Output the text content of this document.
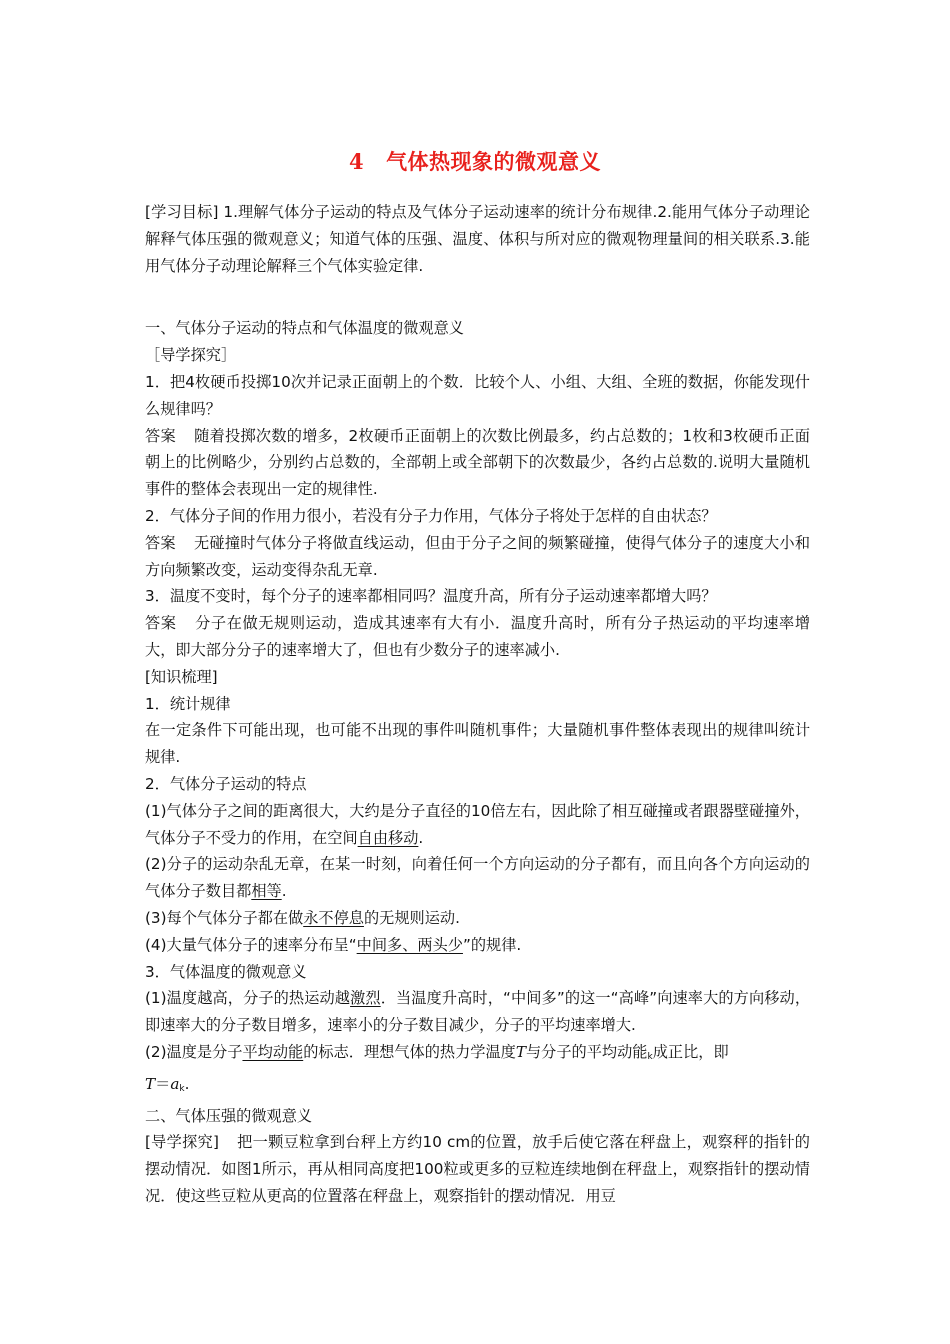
4 气体热现象的微观意义

[学习目标] 1.理解气体分子运动的特点及气体分子运动速率的统计分布规律.2.能用气体分子动理论解释气体压强的微观意义；知道气体的压强、温度、体积与所对应的微观物理量间的相关联系.3.能用气体分子动理论解释三个气体实验定律.

一、气体分子运动的特点和气体温度的微观意义

［导学探究］

1．把4枚硬币投掷10次并记录正面朝上的个数．比较个人、小组、大组、全班的数据，你能发现什么规律吗？

答案 随着投掷次数的增多，2枚硬币正面朝上的次数比例最多，约占总数的；1枚和3枚硬币正面朝上的比例略少，分别约占总数的，全部朝上或全部朝下的次数最少，各约占总数的.说明大量随机事件的整体会表现出一定的规律性.

2．气体分子间的作用力很小，若没有分子力作用，气体分子将处于怎样的自由状态？

答案 无碰撞时气体分子将做直线运动，但由于分子之间的频繁碰撞，使得气体分子的速度大小和方向频繁改变，运动变得杂乱无章.

3．温度不变时，每个分子的速率都相同吗？温度升高，所有分子运动速率都增大吗？

答案 分子在做无规则运动，造成其速率有大有小．温度升高时，所有分子热运动的平均速率增大，即大部分分子的速率增大了，但也有少数分子的速率减小.

[知识梳理]

1．统计规律

在一定条件下可能出现，也可能不出现的事件叫随机事件；大量随机事件整体表现出的规律叫统计规律.

2．气体分子运动的特点

(1)气体分子之间的距离很大，大约是分子直径的10倍左右，因此除了相互碰撞或者跟器壁碰撞外，气体分子不受力的作用，在空间自由移动.

(2)分子的运动杂乱无章，在某一时刻，向着任何一个方向运动的分子都有，而且向各个方向运动的气体分子数目都相等.

(3)每个气体分子都在做永不停息的无规则运动.

(4)大量气体分子的速率分布呈“中间多、两头少”的规律.

3．气体温度的微观意义

(1)温度越高，分子的热运动越激烈．当温度升高时，“中间多”的这一“高峰”向速率大的方向移动，即速率大的分子数目增多，速率小的分子数目减少，分子的平均速率增大.

(2)温度是分子平均动能的标志．理想气体的热力学温度T与分子的平均动能$_k$成正比，即
$T=a_k$.

二、气体压强的微观意义

[导学探究] 把一颗豆粒拿到台秤上方约10 cm的位置，放手后使它落在秤盘上，观察秤的指针的摆动情况．如图1所示，再从相同高度把100粒或更多的豆粒连续地倒在秤盘上，观察指针的摆动情况．使这些豆粒从更高的位置落在秤盘上，观察指针的摆动情况．用豆
